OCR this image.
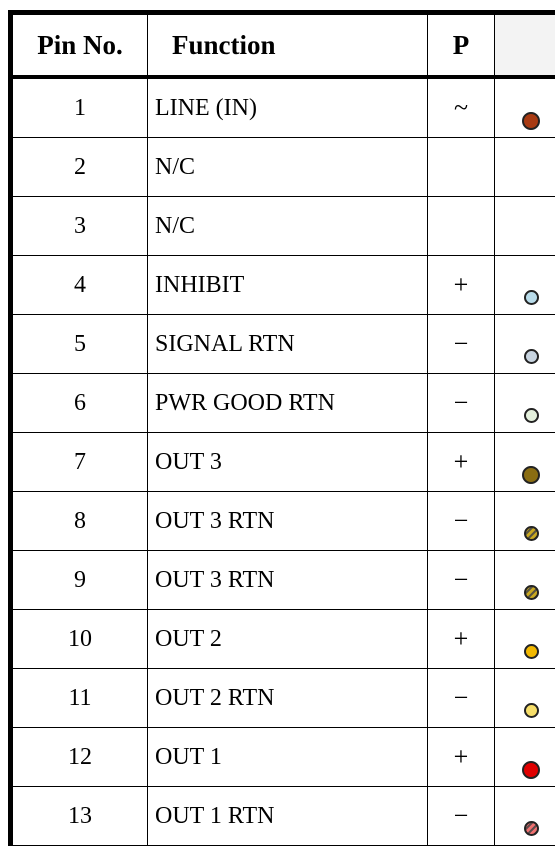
Pin No.	Function	P
1	LINE (IN)	~
2	N/C
3	N/C
4	INHIBIT	+
5	SIGNAL RTN	−
6	PWR GOOD RTN	−
7	OUT 3	+
8	OUT 3 RTN	−
9	OUT 3 RTN	−
10	OUT 2	+
11	OUT 2 RTN	−
12	OUT 1	+
13	OUT 1 RTN	−
